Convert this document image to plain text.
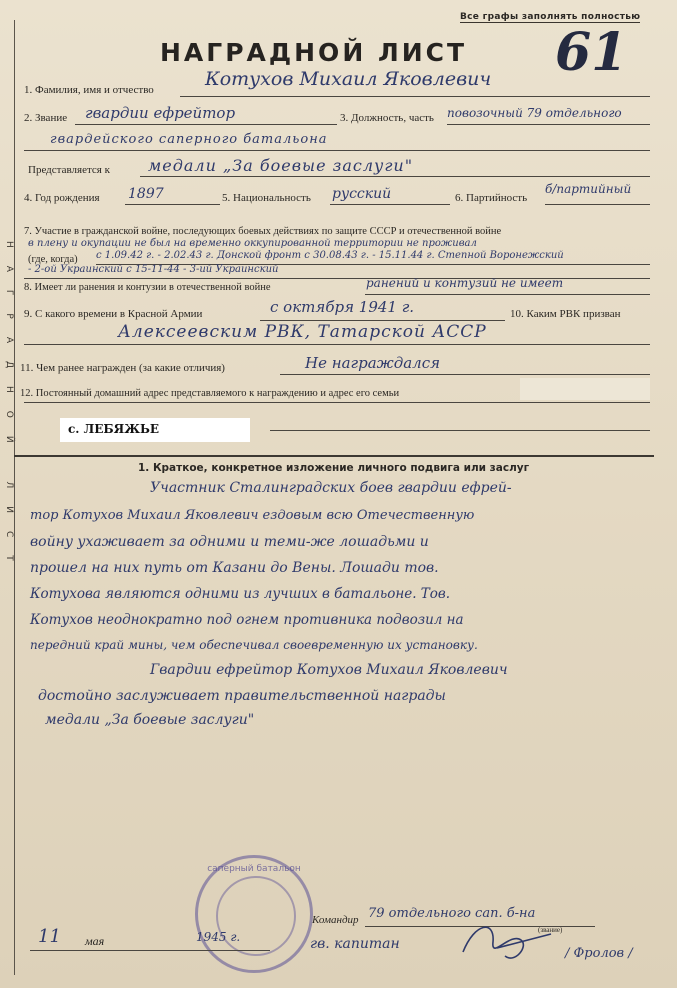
НАГРАДНОЙ ЛИСТ
Все графы заполнять полностью
НАГРАДНОЙ ЛИСТ 61
1. Фамилия, имя и отчество	Котухов Михаил Яковлевич
2. Звание гвардии ефрейтор	3. Должность, часть повозочный 79 отдельного
гвардейского саперного батальона
Представляется к медали „За боевые заслуги"
4. Год рождения 1897	5. Национальность русский	6. Партийность
б/партийный
7. Участие в гражданской войне, последующих боевых действиях по защите СССР и отечественной войне
в плену и окупации не был на временно оккупированной территории не проживал
(где, когда) с 1.09.42 г. - 2.02.43 г. Донской фронт с 30.08.43 г. - 15.11.44 г. Степной Воронежский
- 2-ой Украинский с 15-11-44 - 3-ий Украинский
8. Имеет ли ранения и контузии в отечественной войне	ранений и контузий не имеет
9. С какого времени в Красной Армии	с октября 1941 г.	10. Каким РВК призван
Алексеевским РВК, Татарской АССР
11. Чем ранее награжден (за какие отличия)	Не награждался
12. Постоянный домашний адрес представляемого к награждению и адрес его семьи
с. ЛЕБЯЖЬЕ
1. Краткое, конкретное изложение личного подвига или заслуг
Участник Сталинградских боев гвардии ефрей-
тор Котухов Михаил Яковлевич ездовым всю Отечественную
войну ухаживает за одними и теми-же лошадьми и
прошел на них путь от Казани до Вены. Лошади тов.
Котухова являются одними из лучших в батальоне. Тов.
Котухов неоднократно под огнем противника подвозил на
передний край мины, чем обеспечивал своевременную их установку.
Гвардии ефрейтор Котухов Михаил Яковлевич
достойно заслуживает правительственной награды
медали „За боевые заслуги"
саперный батальон
Командир 79 отдельного сап. б-на
(звание)
гв. капитан
/ Фролов /
11 мая	1945 г.
